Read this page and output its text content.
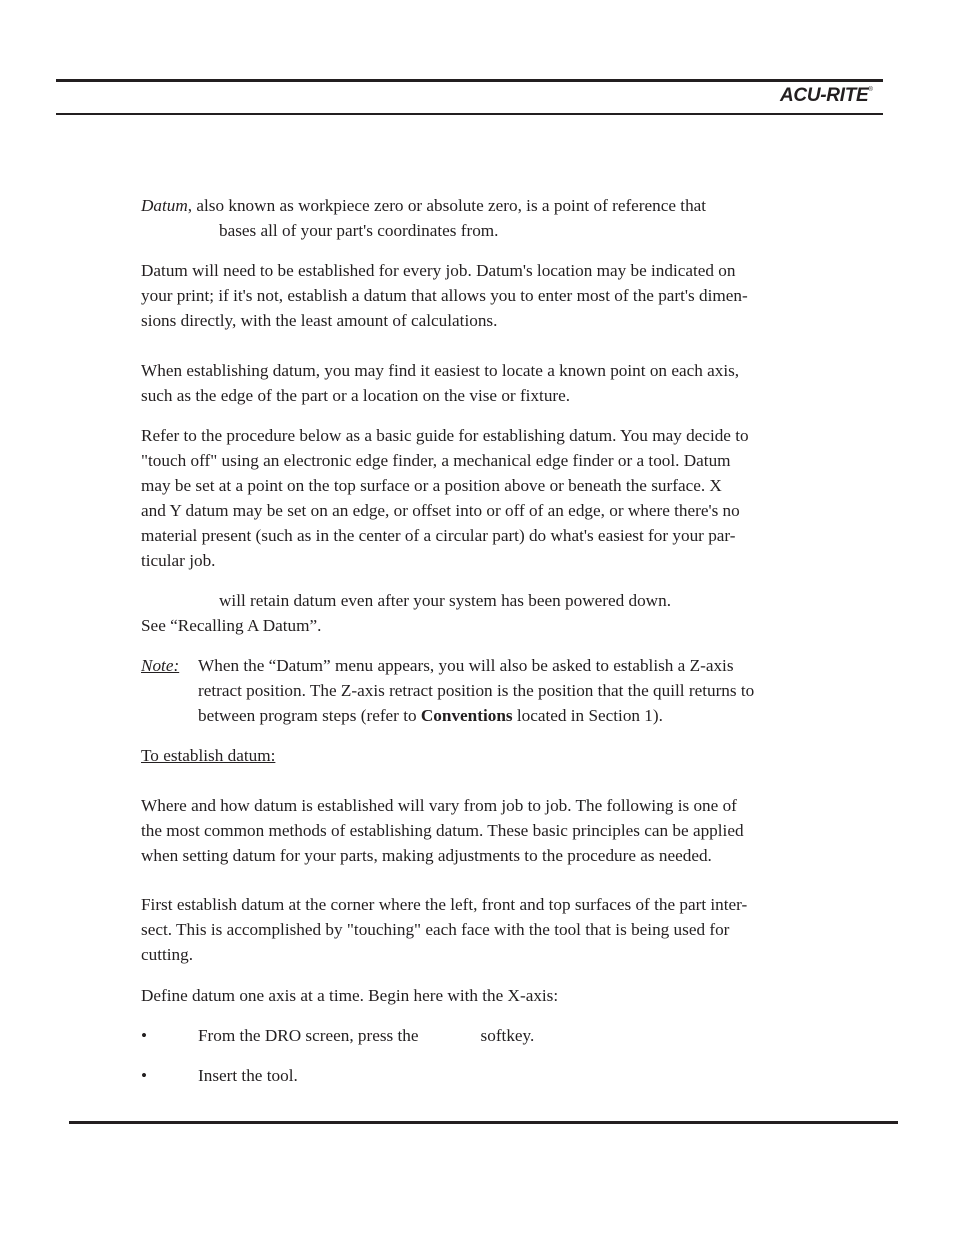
ACU-RITE®
Datum, also known as workpiece zero or absolute zero, is a point of reference that
bases all of your part's coordinates from.
Datum will need to be established for every job. Datum's location may be indicated on
your print; if it's not, establish a datum that allows you to enter most of the part's dimen-
sions directly, with the least amount of calculations.
When establishing datum, you may find it easiest to locate a known point on each axis,
such as the edge of the part or a location on the vise or fixture.
Refer to the procedure below as a basic guide for establishing datum. You may decide to
"touch off" using an electronic edge finder, a mechanical edge finder or a tool. Datum
may be set at a point on the top surface or a position above or beneath the surface. X
and Y datum may be set on an edge, or offset into or off of an edge, or where there's no
material present (such as in the center of a circular part) do what's easiest for your par-
ticular job.
will retain datum even after your system has been powered down.
See “Recalling A Datum”.
Note: When the “Datum” menu appears, you will also be asked to establish a Z-axis
retract position. The Z-axis retract position is the position that the quill returns to
between program steps (refer to Conventions located in Section 1).
To establish datum:
Where and how datum is established will vary from job to job. The following is one of
the most common methods of establishing datum. These basic principles can be applied
when setting datum for your parts, making adjustments to the procedure as needed.
First establish datum at the corner where the left, front and top surfaces of the part inter-
sect. This is accomplished by "touching" each face with the tool that is being used for
cutting.
Define datum one axis at a time. Begin here with the X-axis:
•	From the DRO screen, press the	softkey.
•	Insert the tool.
